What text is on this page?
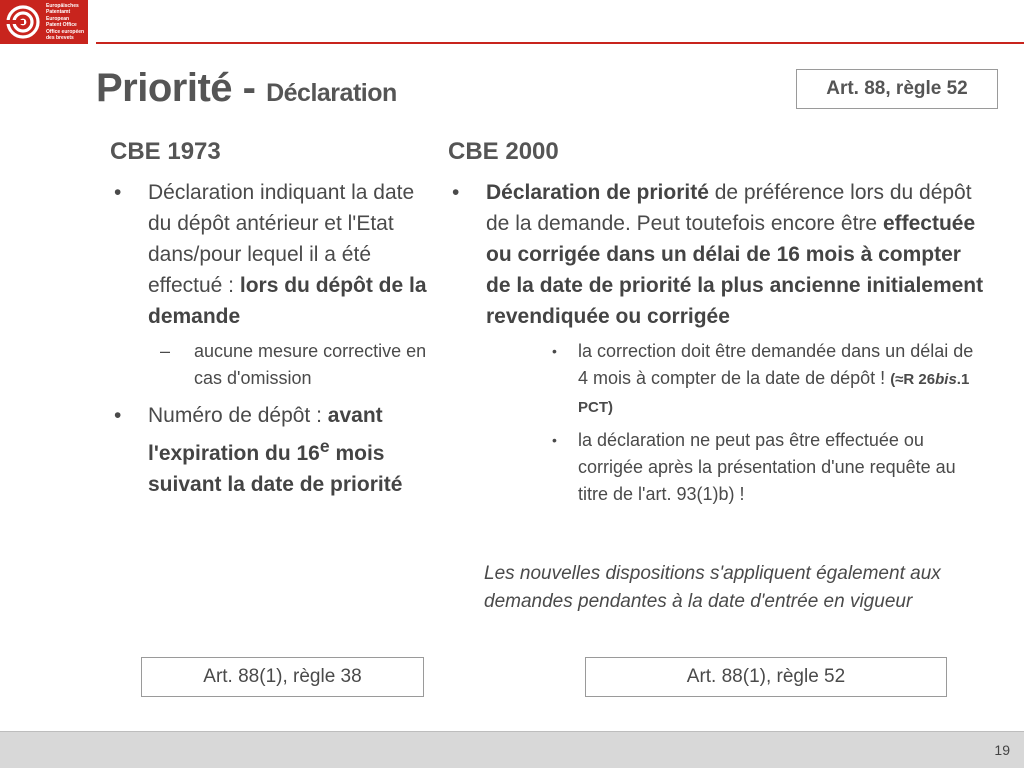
Europäisches
Patentamt
European
Patent Office
Office européen
des brevets
Priorité - Déclaration	Art. 88, règle 52
CBE 1973
• Déclaration indiquant la date du dépôt antérieur et l'Etat dans/pour lequel il a été effectué : lors du dépôt de la demande
– aucune mesure corrective en cas d'omission
• Numéro de dépôt : avant l'expiration du 16e mois suivant la date de priorité
CBE 2000
• Déclaration de priorité de préférence lors du dépôt de la demande. Peut toutefois encore être effectuée ou corrigée dans un délai de 16 mois à compter de la date de priorité la plus ancienne initialement revendiquée ou corrigée
• la correction doit être demandée dans un délai de 4 mois à compter de la date de dépôt ! (≈R 26bis.1 PCT)
• la déclaration ne peut pas être effectuée ou corrigée après la présentation d'une requête au titre de l'art. 93(1)b) !
Les nouvelles dispositions s'appliquent également aux demandes pendantes à la date d'entrée en vigueur
Art. 88(1), règle 38	Art. 88(1), règle 52
19
